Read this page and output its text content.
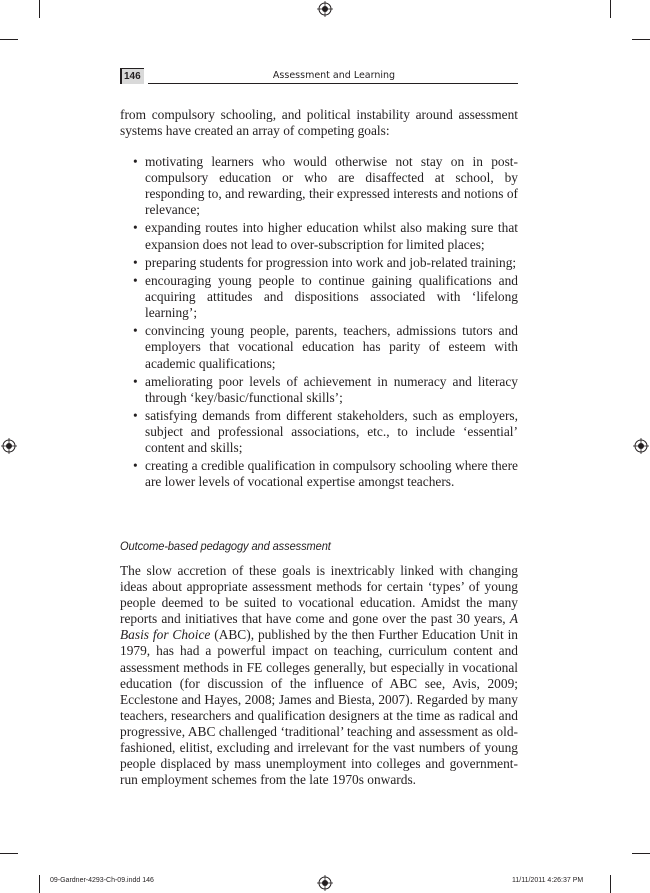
146	Assessment and Learning

from compulsory schooling, and political instability around assessment systems have created an array of competing goals:

• motivating learners who would otherwise not stay on in post-compulsory education or who are disaffected at school, by responding to, and rewarding, their expressed interests and notions of relevance;
• expanding routes into higher education whilst also making sure that expansion does not lead to over-subscription for limited places;
• preparing students for progression into work and job-related training;
• encouraging young people to continue gaining qualifications and acquiring attitudes and dispositions associated with ‘lifelong learning’;
• convincing young people, parents, teachers, admissions tutors and employers that vocational education has parity of esteem with academic qualifications;
• ameliorating poor levels of achievement in numeracy and literacy through ‘key/basic/functional skills’;
• satisfying demands from different stakeholders, such as employers, subject and professional associations, etc., to include ‘essential’ content and skills;
• creating a credible qualification in compulsory schooling where there are lower levels of vocational expertise amongst teachers.
Outcome-based pedagogy and assessment

The slow accretion of these goals is inextricably linked with changing ideas about appropriate assessment methods for certain ‘types’ of young people deemed to be suited to vocational education. Amidst the many reports and initiatives that have come and gone over the past 30 years, A Basis for Choice (ABC), published by the then Further Education Unit in 1979, has had a powerful impact on teaching, curriculum content and assessment methods in FE colleges generally, but especially in vocational education (for discussion of the influence of ABC see, Avis, 2009; Ecclestone and Hayes, 2008; James and Biesta, 2007). Regarded by many teachers, researchers and qualification designers at the time as radical and progressive, ABC challenged ‘traditional’ teaching and assessment as old-fashioned, elitist, excluding and irrelevant for the vast numbers of young people displaced by mass unemployment into colleges and government-run employment schemes from the late 1970s onwards.

09-Gardner-4293-Ch-09.indd 146	11/11/2011 4:26:37 PM
